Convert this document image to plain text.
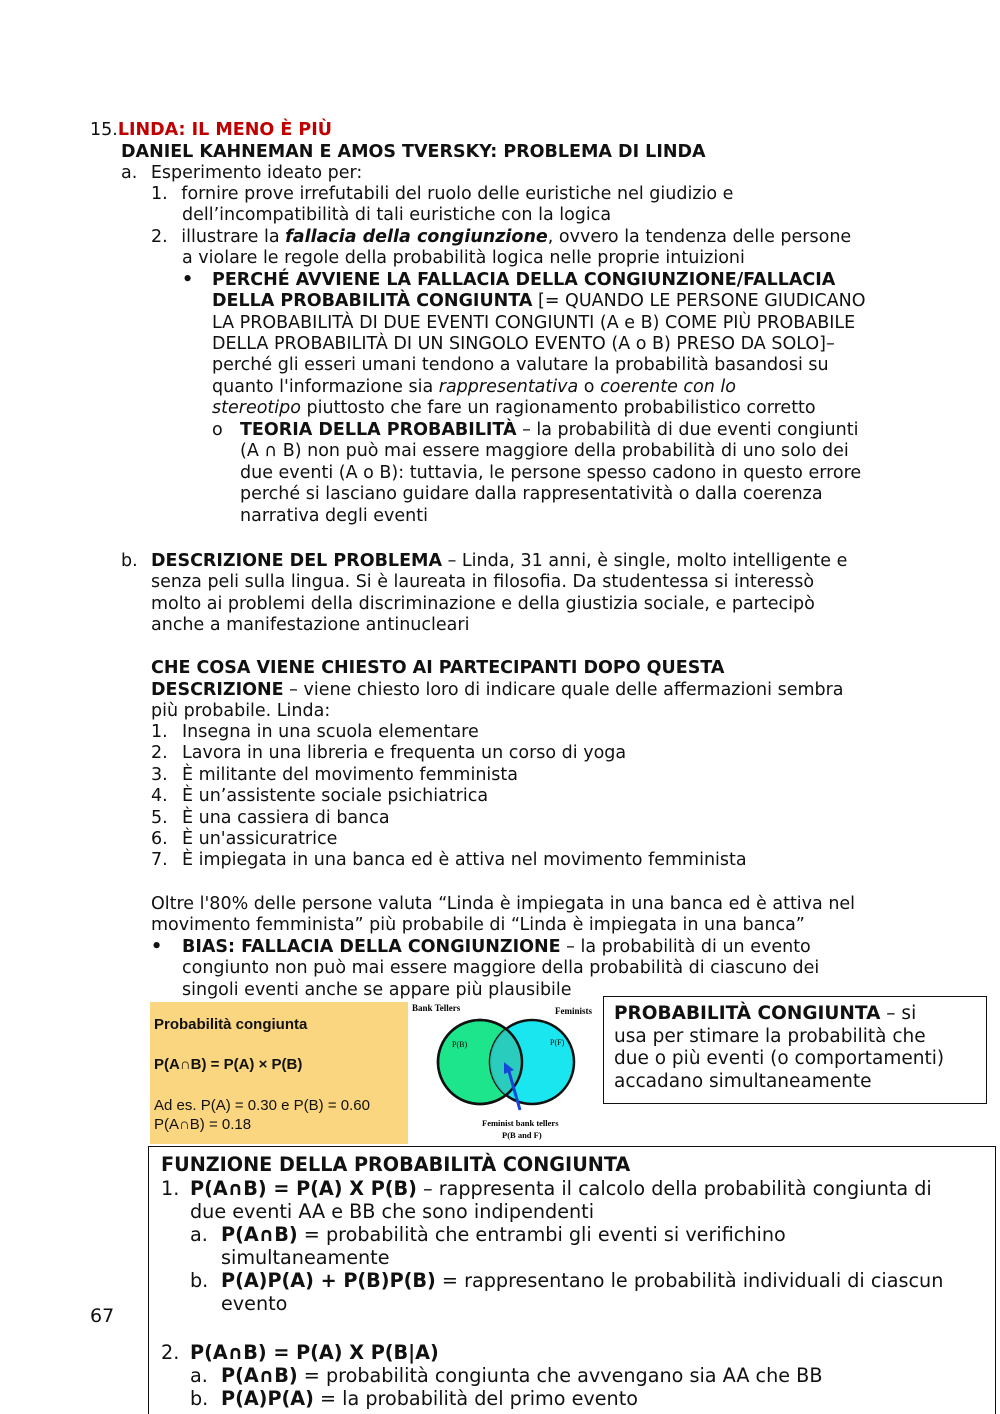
15.LINDA: IL MENO È PIÙ
DANIEL KAHNEMAN E AMOS TVERSKY: PROBLEMA DI LINDA
a. Esperimento ideato per:
1. fornire prove irrefutabili del ruolo delle euristiche nel giudizio e
dell’incompatibilità di tali euristiche con la logica
2. illustrare la fallacia della congiunzione, ovvero la tendenza delle persone
a violare le regole della probabilità logica nelle proprie intuizioni
• PERCHÉ AVVIENE LA FALLACIA DELLA CONGIUNZIONE/FALLACIA
DELLA PROBABILITÀ CONGIUNTA [= QUANDO LE PERSONE GIUDICANO
LA PROBABILITÀ DI DUE EVENTI CONGIUNTI (A e B) COME PIÙ PROBABILE
DELLA PROBABILITÀ DI UN SINGOLO EVENTO (A o B) PRESO DA SOLO]–
perché gli esseri umani tendono a valutare la probabilità basandosi su
quanto l'informazione sia rappresentativa o coerente con lo
stereotipo piuttosto che fare un ragionamento probabilistico corretto
o TEORIA DELLA PROBABILITÀ – la probabilità di due eventi congiunti
(A ∩ B) non può mai essere maggiore della probabilità di uno solo dei
due eventi (A o B): tuttavia, le persone spesso cadono in questo errore
perché si lasciano guidare dalla rappresentatività o dalla coerenza
narrativa degli eventi
b. DESCRIZIONE DEL PROBLEMA – Linda, 31 anni, è single, molto intelligente e
senza peli sulla lingua. Si è laureata in filosofia. Da studentessa si interessò
molto ai problemi della discriminazione e della giustizia sociale, e partecipò
anche a manifestazione antinucleari
CHE COSA VIENE CHIESTO AI PARTECIPANTI DOPO QUESTA
DESCRIZIONE – viene chiesto loro di indicare quale delle affermazioni sembra
più probabile. Linda:
1. Insegna in una scuola elementare
2. Lavora in una libreria e frequenta un corso di yoga
3. È militante del movimento femminista
4. È un’assistente sociale psichiatrica
5. È una cassiera di banca
6. È un'assicuratrice
7. È impiegata in una banca ed è attiva nel movimento femminista
Oltre l'80% delle persone valuta “Linda è impiegata in una banca ed è attiva nel
movimento femminista” più probabile di “Linda è impiegata in una banca”
• BIAS: FALLACIA DELLA CONGIUNZIONE – la probabilità di un evento
congiunto non può mai essere maggiore della probabilità di ciascuno dei
singoli eventi anche se appare più plausibile
Probabilità congiunta
P(A∩B) = P(A) × P(B)
Ad es. P(A) = 0.30 e P(B) = 0.60
P(A∩B) = 0.18
Bank Tellers	Feminists
P(B)	P(F)
Feminist bank tellers
P(B and F)
PROBABILITÀ CONGIUNTA – si
usa per stimare la probabilità che
due o più eventi (o comportamenti)
accadano simultaneamente
FUNZIONE DELLA PROBABILITÀ CONGIUNTA
1. P(A∩B) = P(A) X P(B) – rappresenta il calcolo della probabilità congiunta di
due eventi AA e BB che sono indipendenti
a. P(A∩B) = probabilità che entrambi gli eventi si verifichino
simultaneamente
b. P(A)P(A) + P(B)P(B) = rappresentano le probabilità individuali di ciascun
evento
2. P(A∩B) = P(A) X P(B|A)
a. P(A∩B) = probabilità congiunta che avvengano sia AA che BB
b. P(A)P(A) = la probabilità del primo evento
67
